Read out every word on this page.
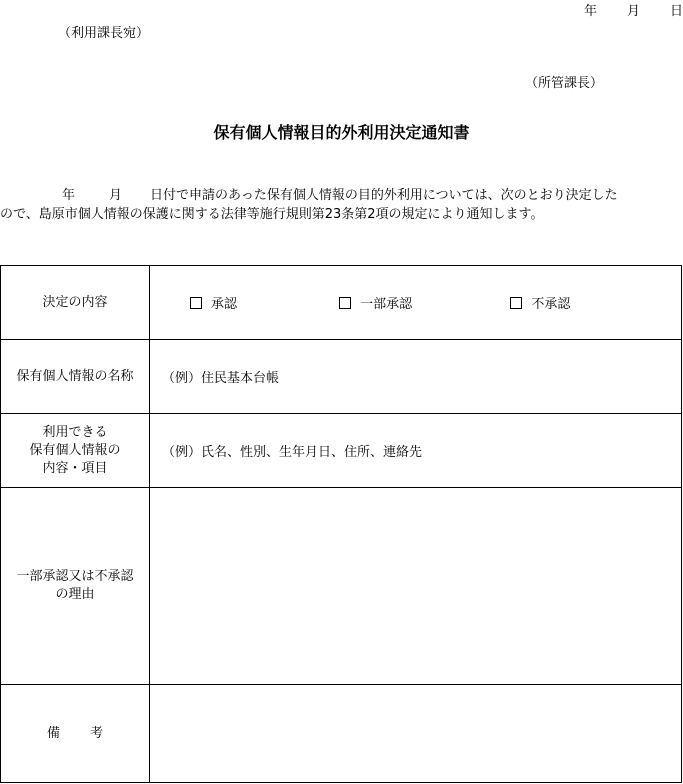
年 月 日
（利用課長宛）
（所管課長）
保有個人情報目的外利用決定通知書
年	月 日付で申請のあった保有個人情報の目的外利用については、次のとおり決定した
ので、島原市個人情報の保護に関する法律等施行規則第23条第2項の規定により通知します。
決定の内容	承認 一部承認 不承認
保有個人情報の名称	（例）住民基本台帳

利用できる
保有個人情報の
内容・項目	（例）氏名、性別、生年月日、住所、連絡先

一部承認又は不承認
の理由	

備 考	
